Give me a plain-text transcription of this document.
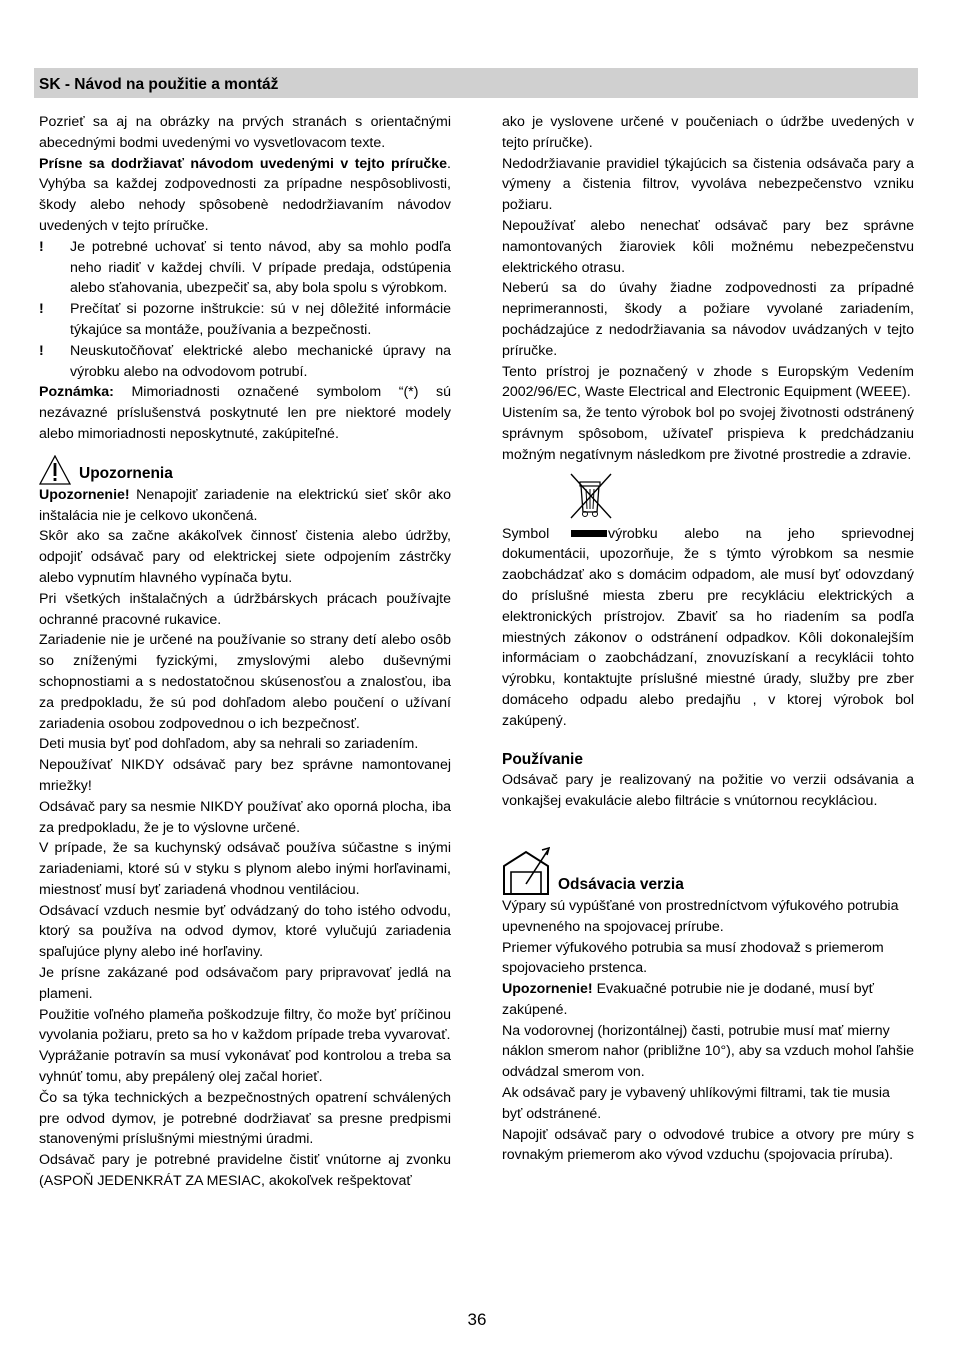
SK - Návod na použitie a montáž

Pozrieť sa aj na obrázky na prvých stranách s orientačnými abecednými bodmi uvedenými vo vysvetlovacom texte.

Prísne sa dodržiavať návodom uvedenými v tejto príručke. Vyhýba sa každej zodpovednosti za prípadne nespôsoblivosti, škody alebo nehody spôsobenè nedodržiavaním návodov uvedených v tejto príručke.

!	Je potrebné uchovať si tento návod, aby sa mohlo podľa neho riadiť v každej chvíli. V prípade predaja, odstúpenia alebo sťahovania, ubezpečiť sa, aby bola spolu s výrobkom.
!	Prečítať si pozorne inštrukcie: sú v nej dôležité informácie týkajúce sa montáže, používania a bezpečnosti.
!	Neuskutočňovať elektrické alebo mechanické úpravy na výrobku alebo na odvodovom potrubí.

Poznámka: Mimoriadnosti označené symbolom “(*) sú nezávazné príslušenstvá poskytnuté len pre niektoré modely alebo mimoriadnosti neposkytnuté, zakúpiteľné.

Upozornenia

Upozornenie! Nenapojiť zariadenie na elektrickú sieť skôr ako inštalácia nie je celkovo ukončená.

Skôr ako sa začne akákoľvek činnosť čistenia alebo údržby, odpojiť odsávač pary od elektrickej siete odpojením zástrčky alebo vypnutím hlavného vypínača bytu.

Pri všetkých inštalačných a údržbárskych prácach používajte ochranné pracovné rukavice.

Zariadenie nie je určené na používanie so strany detí alebo osôb so zníženými fyzickými, zmyslovými alebo duševnými schopnostiami a s nedostatočnou skúsenosťou a znalosťou, iba za predpokladu, že sú pod dohľadom alebo poučení o užívaní zariadenia osobou zodpovednou o ich bezpečnosť.

Deti musia byť pod dohľadom, aby sa nehrali so zariadením.

Nepoužívať NIKDY odsávač pary bez správne namontovanej mriežky!

Odsávač pary sa nesmie NIKDY používať ako oporná plocha, iba za predpokladu, že je to výslovne určené.

V prípade, že sa kuchynský odsávač používa súčastne s inými zariadeniami, ktoré sú v styku s plynom alebo inými horľavinami, miestnosť musí byť zariadená vhodnou ventiláciou.

Odsávací vzduch nesmie byť odvádzaný do toho istého odvodu, ktorý sa používa na odvod dymov, ktoré vylučujú zariadenia spaľujúce plyny alebo iné horľaviny.

Je prísne zakázané pod odsávačom pary pripravovať jedlá na plameni.

Použitie voľného plameňa poškodzuje filtry, čo može byť príčinou vyvolania požiaru, preto sa ho v každom prípade treba vyvarovať.

Vyprážanie potravín sa musí vykonávať pod kontrolou a treba sa vyhnúť tomu, aby prepálený olej začal horieť.

Čo sa týka technických a bezpečnostných opatrení schválených pre odvod dymov, je potrebné dodržiavať sa presne predpismi stanovenými príslušnými miestnými úradmi.

Odsávač pary je potrebné pravidelne čistiť vnútorne aj zvonku (ASPOŇ JEDENKRÁT ZA MESIAC, akokoľvek rešpektovať

ako je vyslovene určené v poučeniach o údržbe uvedených v tejto príručke).

Nedodržiavanie pravidiel týkajúcich sa čistenia odsávača pary a výmeny a čistenia filtrov, vyvoláva nebezpečenstvo vzniku požiaru.

Nepoužívať alebo nenechať odsávač pary bez správne namontovaných žiaroviek kôli možnému nebezpečenstvu elektrického otrasu.

Neberú sa do úvahy žiadne zodpovednosti za prípadné neprimerannosti, škody a požiare vyvolané zariadením, pochádzajúce z nedodržiavania sa návodov uvádzaných v tejto príručke.

Tento prístroj je poznačený v zhode s Europským Vedením 2002/96/EC, Waste Electrical and Electronic Equipment (WEEE).

Uistením sa, že tento výrobok bol po svojej životnosti odstránený správnym spôsobom, užívateľ prispieva k predchádzaniu možným negatívnym následkom pre životné prostredie a zdravie.

Symbol	výrobku alebo na jeho sprievodnej dokumentácii, upozorňuje, že s týmto výrobkom sa nesmie zaobchádzať ako s domácim odpadom, ale musí byť odovzdaný do príslušné miesta zberu pre recykláciu elektrických a elektronických prístrojov. Zbaviť sa ho riadením sa podľa miestných zákonov o odstránení odpadkov. Kôli dokonalejším informáciam o zaobchádzaní, znovuzískaní a recyklácii tohto výrobku, kontaktujte príslušné miestné úrady, služby pre zber domáceho odpadu alebo predajňu , v ktorej výrobok bol zakúpený.

Používanie

Odsávač pary je realizovaný na požitie vo verzii odsávania a vonkajšej evakulácie alebo filtrácie s vnútornou recyklácìou.

Odsávacia verzia

Výpary sú vypúšťané von prostredníctvom výfukového potrubia upevneného na spojovacej prírube.

Priemer výfukového potrubia sa musí zhodovaž s priemerom spojovacieho prstenca.

Upozornenie! Evakuačné potrubie nie je dodané, musí byť zakúpené.

Na vodorovnej (horizontálnej) časti, potrubie musí mať mierny náklon smerom nahor (približne 10°), aby sa vzduch mohol ľahšie odvádzal smerom von.

Ak odsávač pary je vybavený uhlíkovými filtrami, tak tie musia byť odstránené.

Napojiť odsávač pary o odvodové trubice a otvory pre múry s rovnakým priemerom ako vývod vzduchu (spojovacia príruba).

36
